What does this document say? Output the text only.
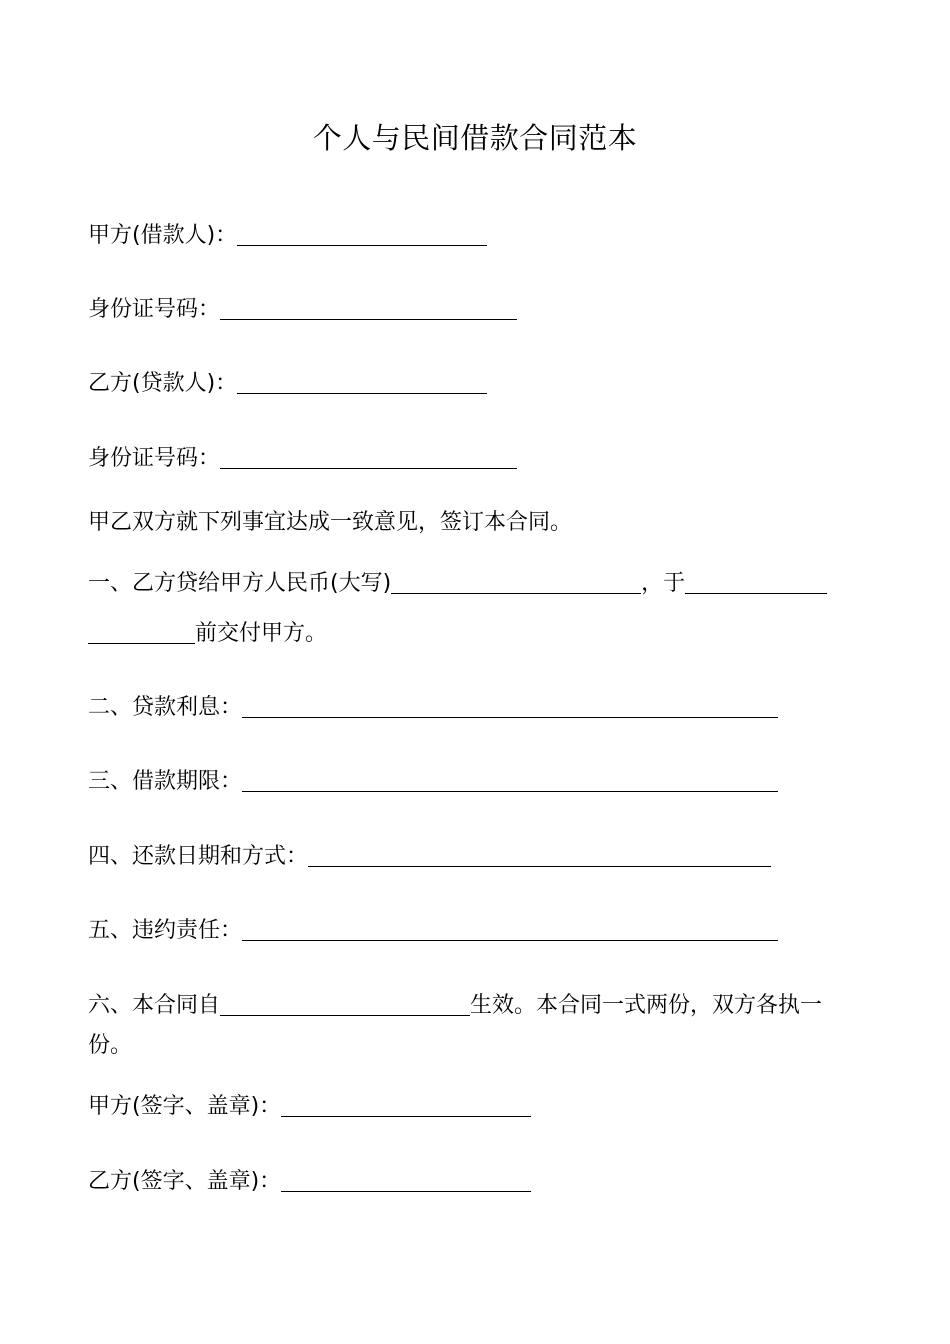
个人与民间借款合同范本
甲方(借款人)：
身份证号码：
乙方(贷款人)：
身份证号码：
甲乙双方就下列事宜达成一致意见，签订本合同。
一、乙方贷给甲方人民币(大写)	，于
前交付甲方。
二、贷款利息：
三、借款期限：
四、还款日期和方式：
五、违约责任：
六、本合同自	生效。本合同一式两份，双方各执一
份。
甲方(签字、盖章)：
乙方(签字、盖章)：
